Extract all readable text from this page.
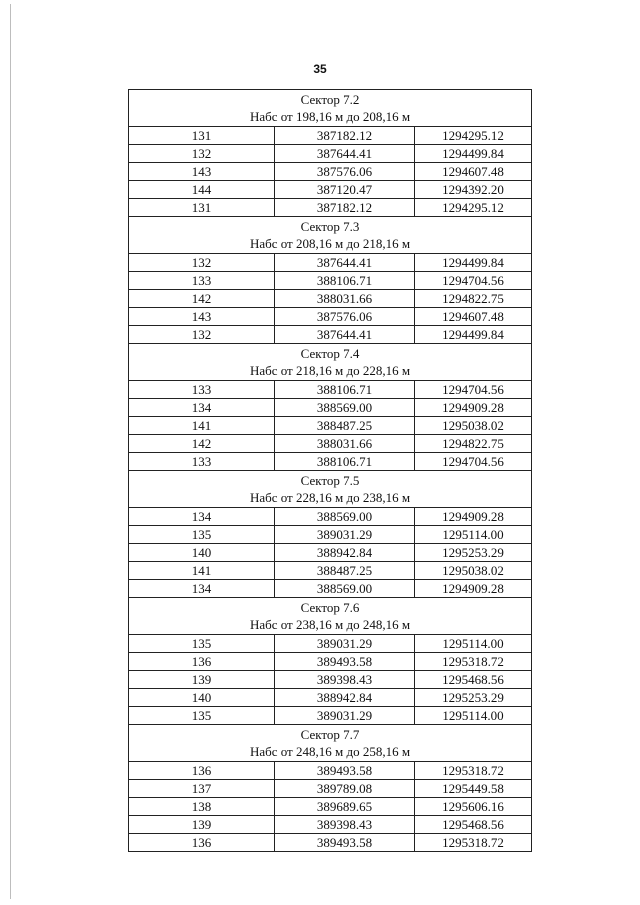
35
Сектор 7.2
Набс от 198,16 м до 208,16 м		

131	387182.12	1294295.12
132	387644.41	1294499.84
143	387576.06	1294607.48
144	387120.47	1294392.20
131	387182.12	1294295.12

Сектор 7.3
Набс от 208,16 м до 218,16 м		

132	387644.41	1294499.84
133	388106.71	1294704.56
142	388031.66	1294822.75
143	387576.06	1294607.48
132	387644.41	1294499.84

Сектор 7.4
Набс от 218,16 м до 228,16 м		

133	388106.71	1294704.56
134	388569.00	1294909.28
141	388487.25	1295038.02
142	388031.66	1294822.75
133	388106.71	1294704.56

Сектор 7.5
Набс от 228,16 м до 238,16 м		

134	388569.00	1294909.28
135	389031.29	1295114.00
140	388942.84	1295253.29
141	388487.25	1295038.02
134	388569.00	1294909.28

Сектор 7.6
Набс от 238,16 м до 248,16 м		

135	389031.29	1295114.00
136	389493.58	1295318.72
139	389398.43	1295468.56
140	388942.84	1295253.29
135	389031.29	1295114.00

Сектор 7.7
Набс от 248,16 м до 258,16 м		

136	389493.58	1295318.72
137	389789.08	1295449.58
138	389689.65	1295606.16
139	389398.43	1295468.56
136	389493.58	1295318.72
